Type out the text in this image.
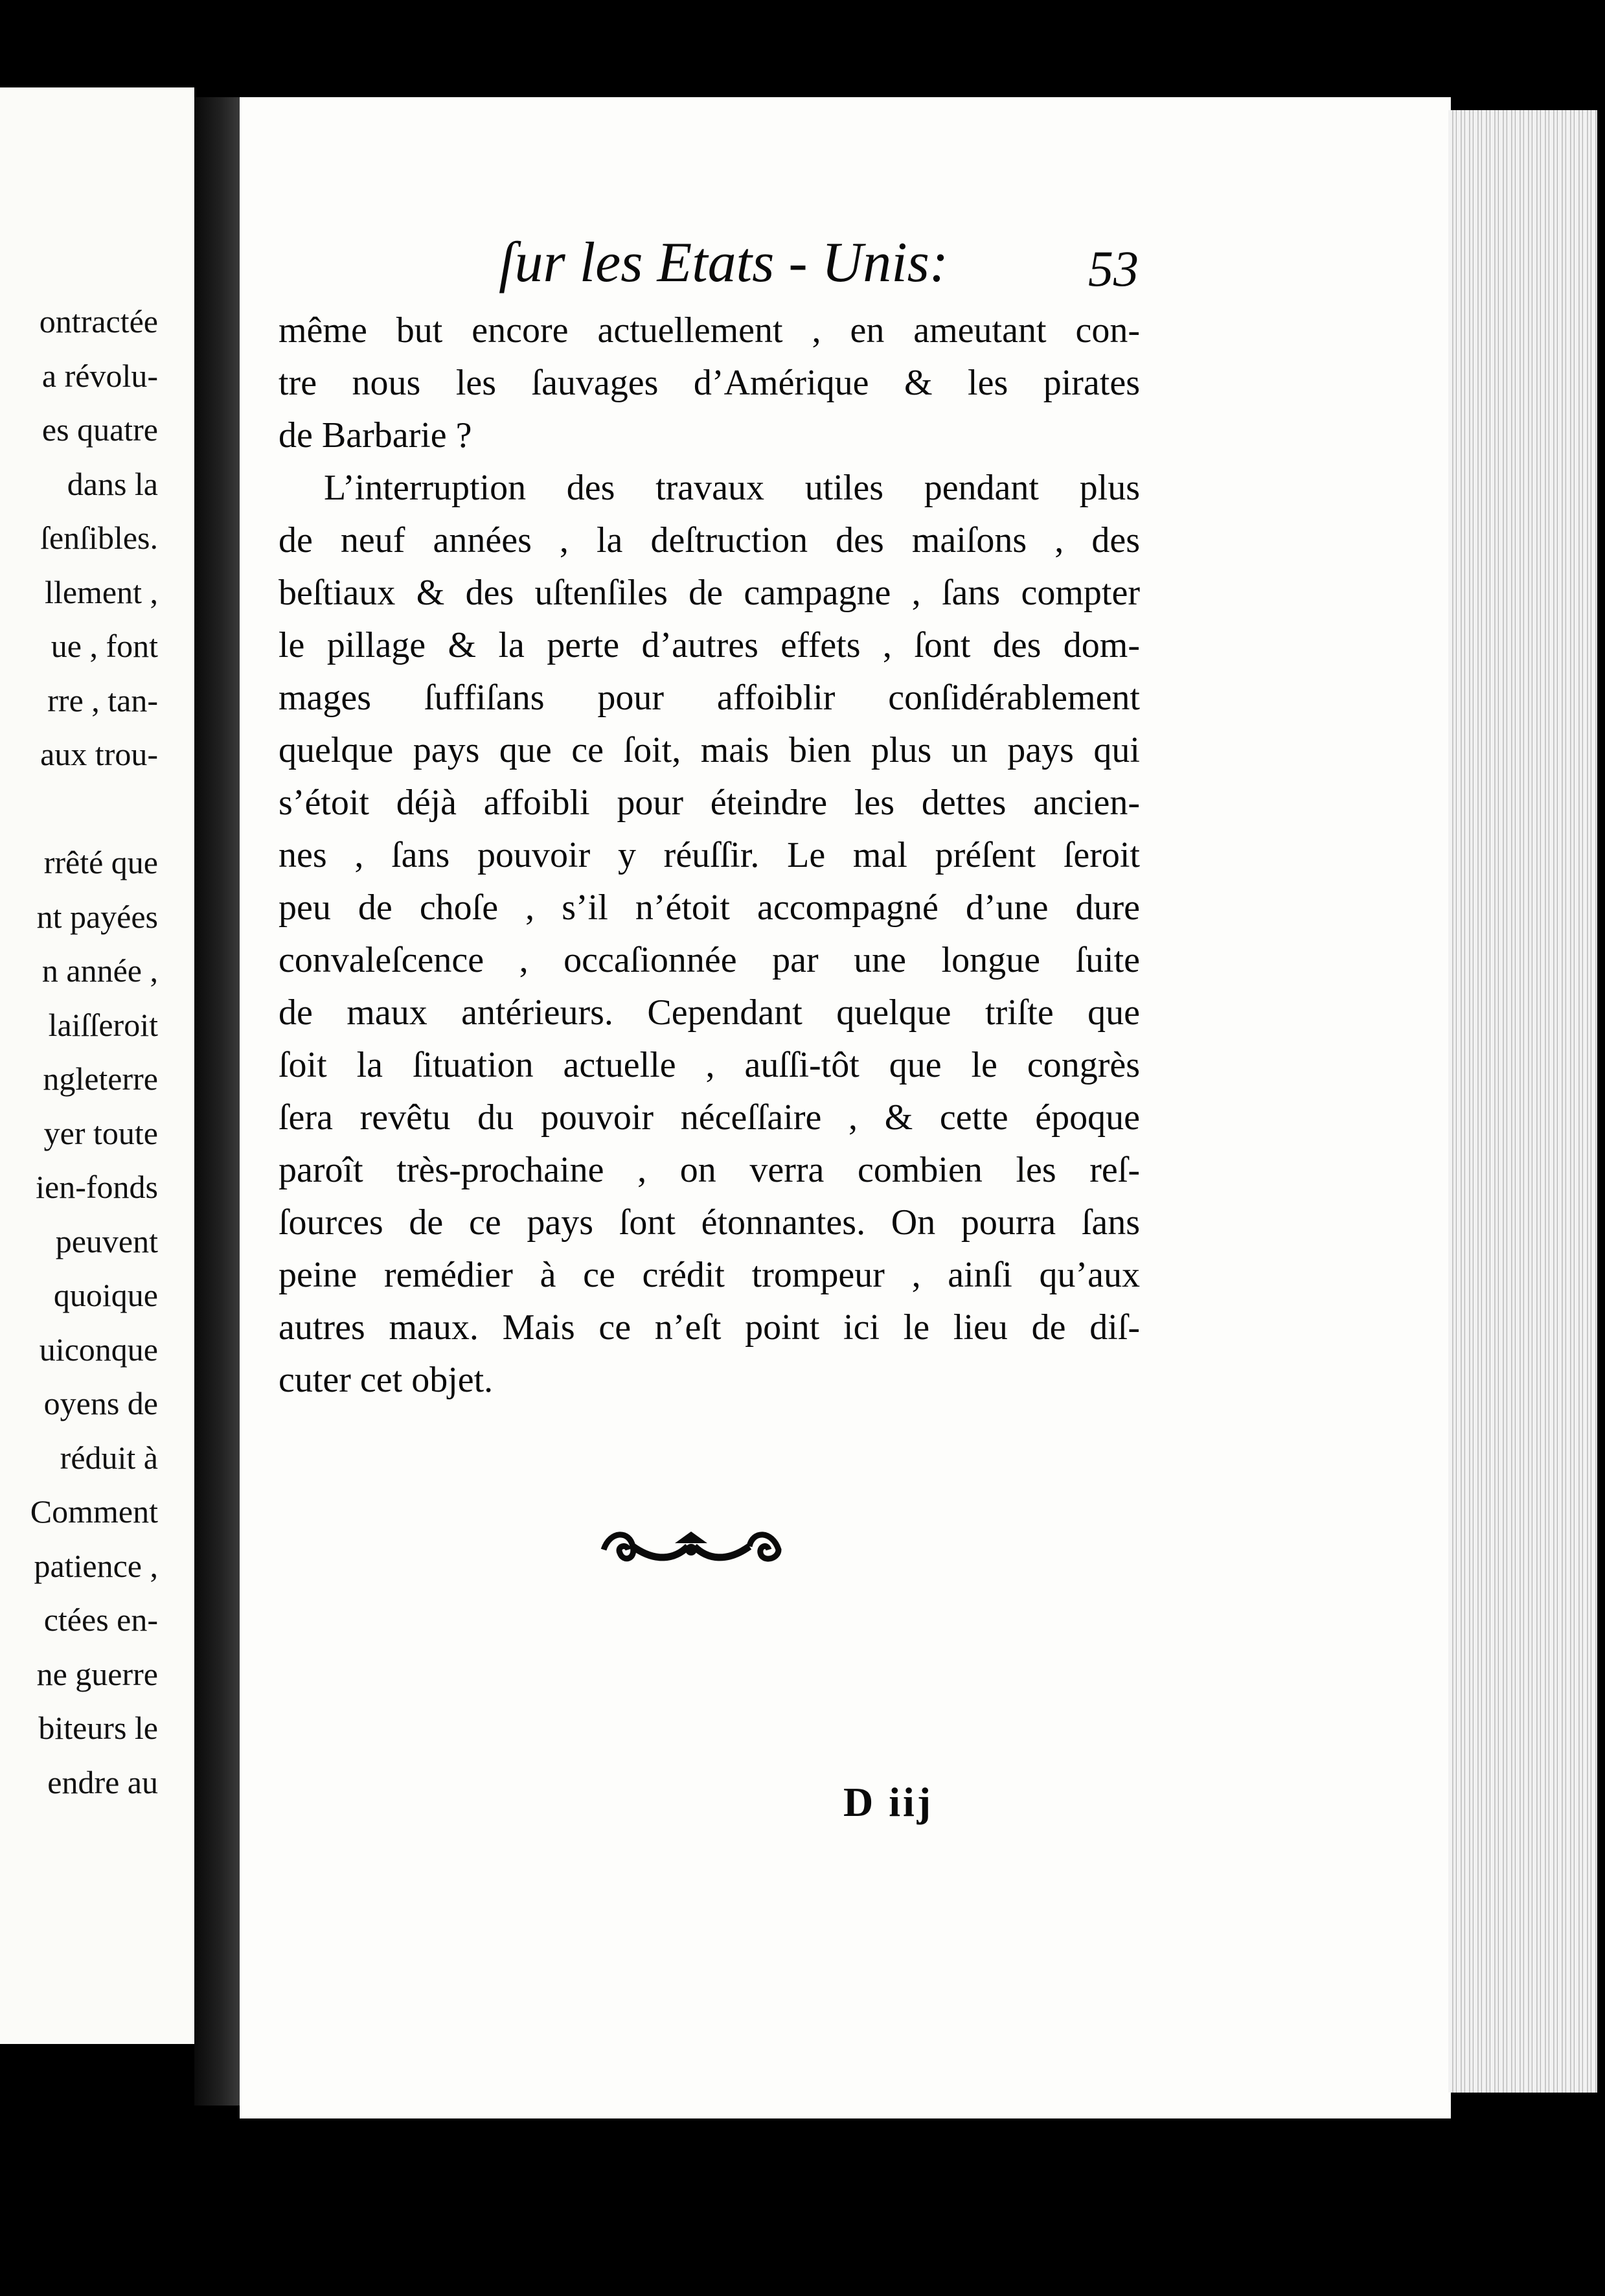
ontractée
a révolu-
es quatre
dans la
ſenſibles.
llement ,
ue , font
rre , tan-
aux trou-

rrêté que
nt payées
n année ,
laiſſeroit
ngleterre
yer toute
ien-fonds
peuvent
quoique
uiconque
oyens de
réduit à
Comment
patience ,
ctées en-
ne guerre
biteurs le
endre au
ſur les Etats - Unis:	53
même but encore actuellement , en ameutant con-
tre nous les ſauvages d’Amérique & les pirates
de Barbarie ?
L’interruption des travaux utiles pendant plus
de neuf années , la deſtruction des maiſons , des
beſtiaux & des uſtenſiles de campagne , ſans compter
le pillage & la perte d’autres effets , ſont des dom-
mages ſuffiſans pour affoiblir conſidérablement
quelque pays que ce ſoit, mais bien plus un pays qui
s’étoit déjà affoibli pour éteindre les dettes ancien-
nes , ſans pouvoir y réuſſir. Le mal préſent ſeroit
peu de choſe , s’il n’étoit accompagné d’une dure
convaleſcence , occaſionnée par une longue ſuite
de maux antérieurs. Cependant quelque triſte que
ſoit la ſituation actuelle , auſſi-tôt que le congrès
ſera revêtu du pouvoir néceſſaire , & cette époque
paroît très-prochaine , on verra combien les reſ-
ſources de ce pays ſont étonnantes. On pourra ſans
peine remédier à ce crédit trompeur , ainſi qu’aux
autres maux. Mais ce n’eſt point ici le lieu de diſ-
cuter cet objet.
D iij
